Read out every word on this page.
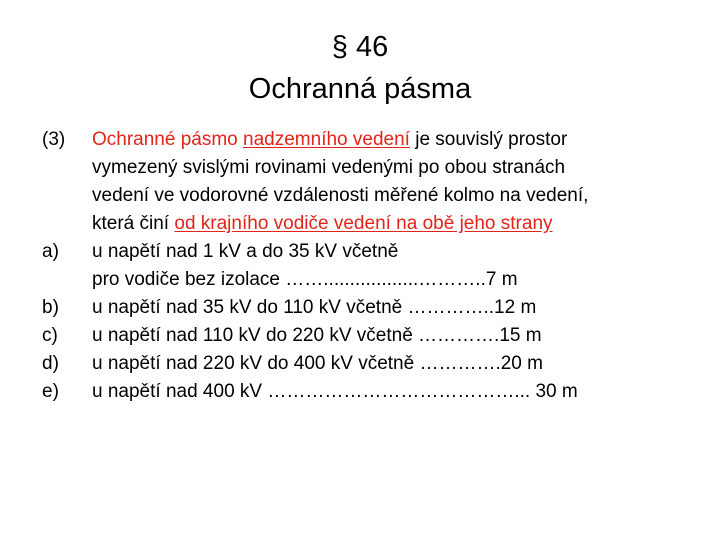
§ 46
Ochranná pásma
(3) Ochranné pásmo nadzemního vedení je souvislý prostor
vymezený svislými rovinami vedenými po obou stranách
vedení ve vodorovné vzdálenosti měřené kolmo na vedení,
která činí od krajního vodiče vedení na obě jeho strany
a) u napětí nad 1 kV a do 35 kV včetně
pro vodiče bez izolace ……..................………..7 m
b) u napětí nad 35 kV do 110 kV včetně …………..12 m
c) u napětí nad 110 kV do 220 kV včetně ………….15 m
d) u napětí nad 220 kV do 400 kV včetně ………….20 m
e) u napětí nad 400 kV …………………………………... 30 m
